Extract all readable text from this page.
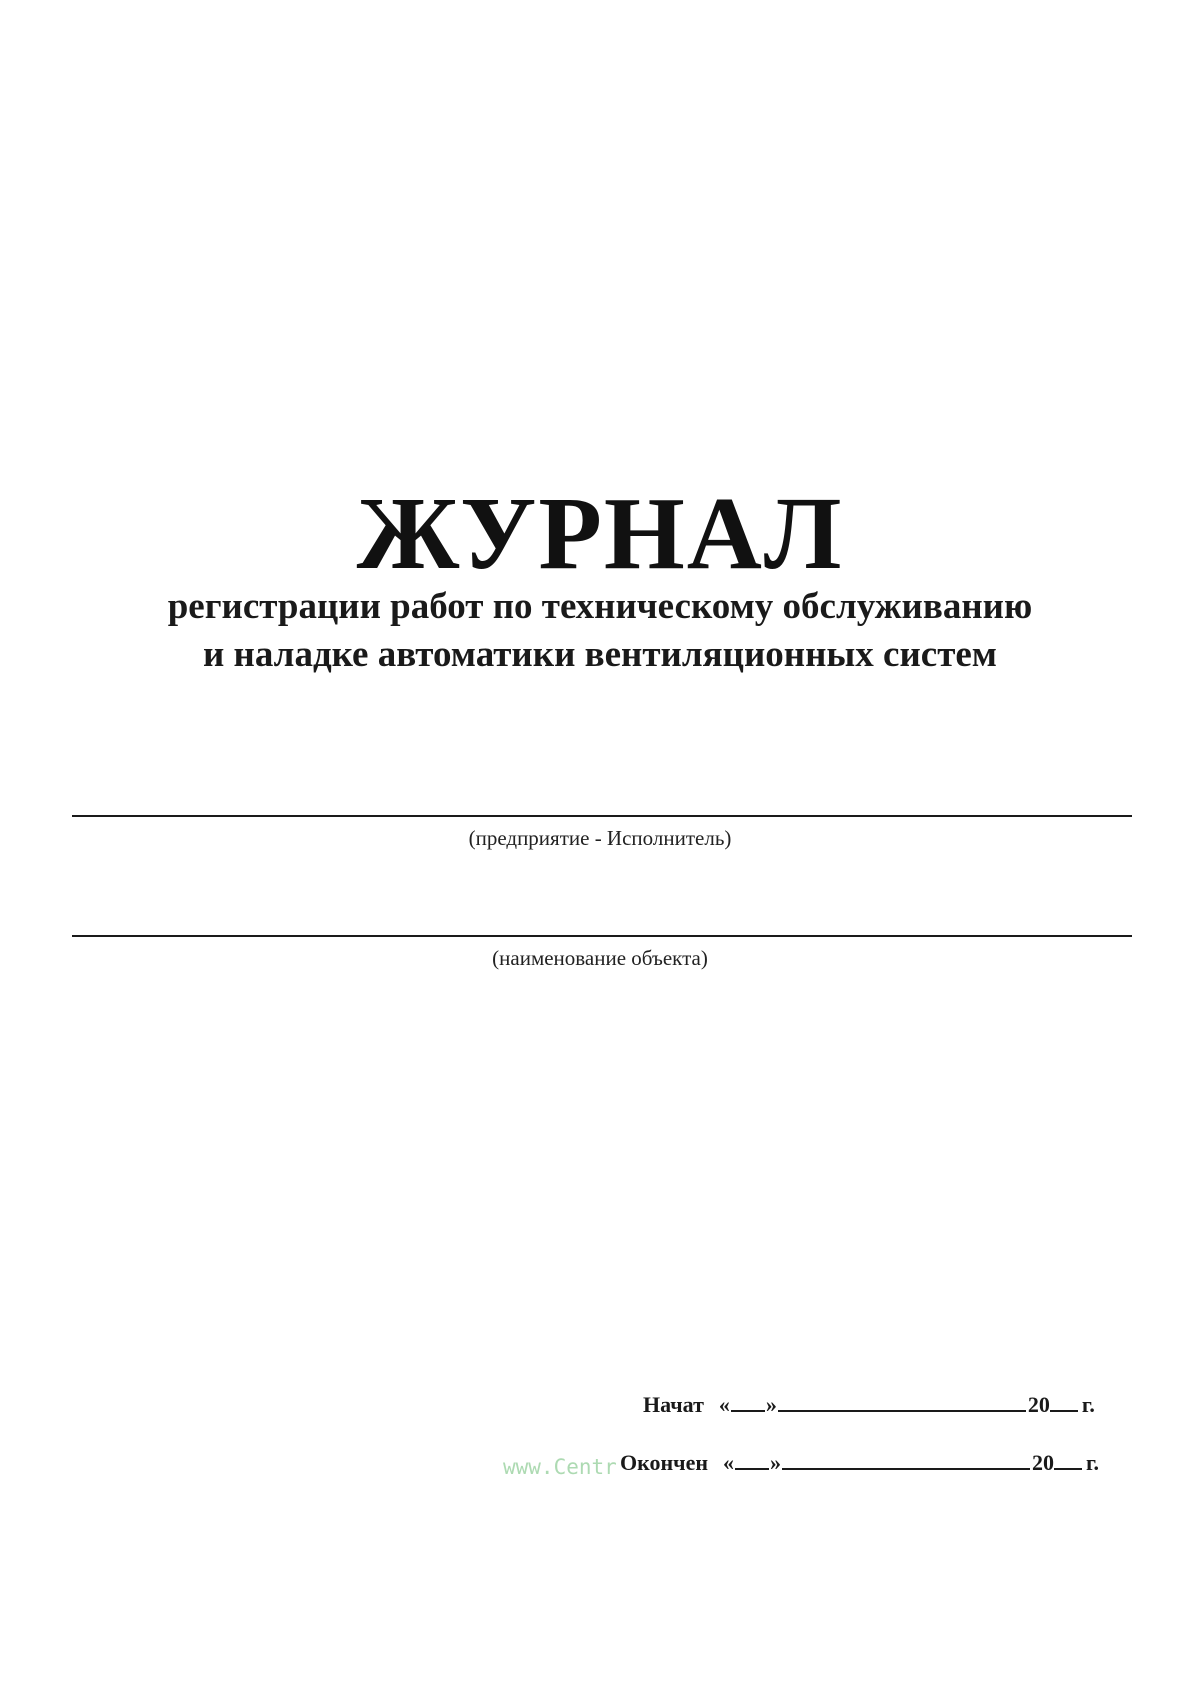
ЖУРНАЛ
регистрации работ по техническому обслуживанию
и наладке автоматики вентиляционных систем
(предприятие - Исполнитель)
(наименование объекта)
Начат « »	20 г.
Окончен « »	20 г.
www.Centr
